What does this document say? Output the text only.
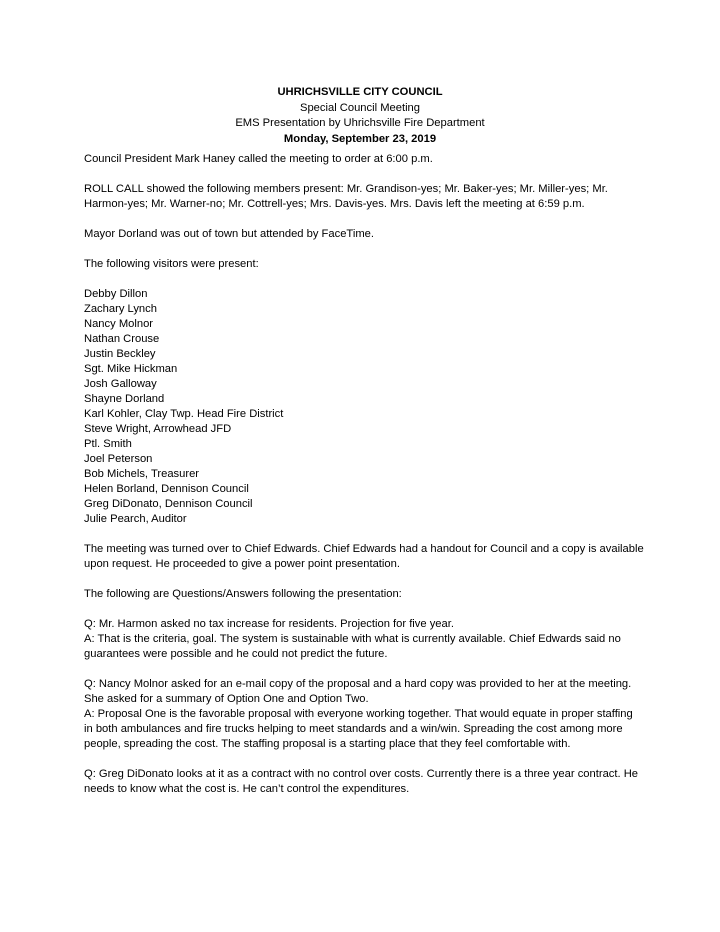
UHRICHSVILLE CITY COUNCIL
Special Council Meeting
EMS Presentation by Uhrichsville Fire Department
Monday, September 23, 2019

Council President Mark Haney called the meeting to order at 6:00 p.m.

ROLL CALL showed the following members present: Mr. Grandison-yes; Mr. Baker-yes; Mr. Miller-yes; Mr. Harmon-yes; Mr. Warner-no; Mr. Cottrell-yes; Mrs. Davis-yes. Mrs. Davis left the meeting at 6:59 p.m.

Mayor Dorland was out of town but attended by FaceTime.

The following visitors were present:

Debby Dillon
Zachary Lynch
Nancy Molnor
Nathan Crouse
Justin Beckley
Sgt. Mike Hickman
Josh Galloway
Shayne Dorland
Karl Kohler, Clay Twp. Head Fire District
Steve Wright, Arrowhead JFD
Ptl. Smith
Joel Peterson
Bob Michels, Treasurer
Helen Borland, Dennison Council
Greg DiDonato, Dennison Council
Julie Pearch, Auditor

The meeting was turned over to Chief Edwards. Chief Edwards had a handout for Council and a copy is available upon request. He proceeded to give a power point presentation.

The following are Questions/Answers following the presentation:

Q: Mr. Harmon asked no tax increase for residents. Projection for five year.

A: That is the criteria, goal. The system is sustainable with what is currently available. Chief Edwards said no guarantees were possible and he could not predict the future.

Q: Nancy Molnor asked for an e-mail copy of the proposal and a hard copy was provided to her at the meeting. She asked for a summary of Option One and Option Two.

A: Proposal One is the favorable proposal with everyone working together. That would equate in proper staffing in both ambulances and fire trucks helping to meet standards and a win/win. Spreading the cost among more people, spreading the cost. The staffing proposal is a starting place that they feel comfortable with.

Q: Greg DiDonato looks at it as a contract with no control over costs. Currently there is a three year contract. He needs to know what the cost is. He can’t control the expenditures.
